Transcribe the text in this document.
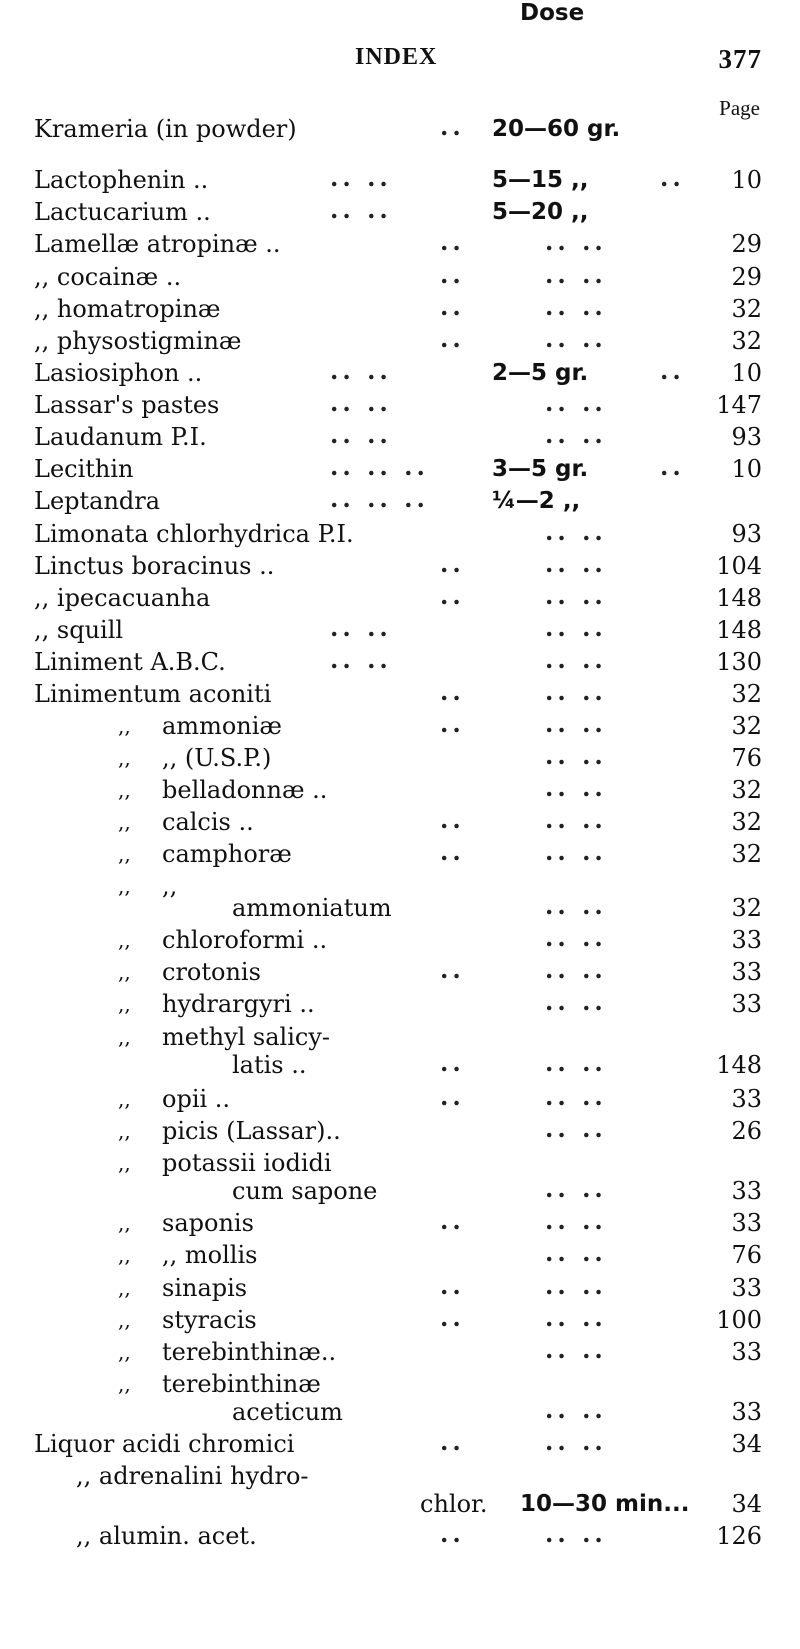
INDEX	377
Dose
Page
Krameria (in powder)	.. 20—60 gr.
Lactophenin ..	.. ..	5—15 ,,	.. 10
Lactucarium ..	.. ..	5—20 ,,
Lamellæ atropinæ ..	..	.. ..	29
,, cocainæ ..	..	.. ..	29
,, homatropinæ	..	.. ..	32
,, physostigminæ	..	.. ..	32
Lasiosiphon ..	.. ..	2—5 gr.	.. 10
Lassar's pastes	.. ..	.. ..	147
Laudanum P.I.	.. ..	.. ..	93
Lecithin	.. .. ..	3—5 gr.	.. 10
Leptandra	.. .. ..	¼—2 ,,
Limonata chlorhydrica P.I.	.. ..	93
Linctus boracinus ..	..	.. ..	104
,, ipecacuanha	..	.. ..	148
,, squill	.. ..	.. ..	148
Liniment A.B.C.	.. ..	.. ..	130
Linimentum aconiti	..	.. ..	32
,, ammoniæ	..	.. ..	32
,, ,, (U.S.P.)	.. ..	76
,, belladonnæ ..	.. ..	32
,, calcis ..	..	.. ..	32
,, camphoræ	..	.. ..	32
,, ,,
ammoniatum	.. ..	32
,, chloroformi ..	.. ..	33
,, crotonis	..	.. ..	33
,, hydrargyri ..	.. ..	33
,, methyl salicy-
latis ..	..	.. ..	148
,, opii ..	..	.. ..	33
,, picis (Lassar)..	.. ..	26
,, potassii iodidi
cum sapone	.. ..	33
,, saponis	..	.. ..	33
,, ,, mollis	.. ..	76
,, sinapis	..	.. ..	33
,, styracis	..	.. ..	100
,, terebinthinæ..	.. ..	33
,, terebinthinæ
aceticum	.. ..	33
Liquor acidi chromici	..	.. ..	34
,, adrenalini hydro-
chlor. 10—30 min... 34
,, alumin. acet.	..	.. ..	126
